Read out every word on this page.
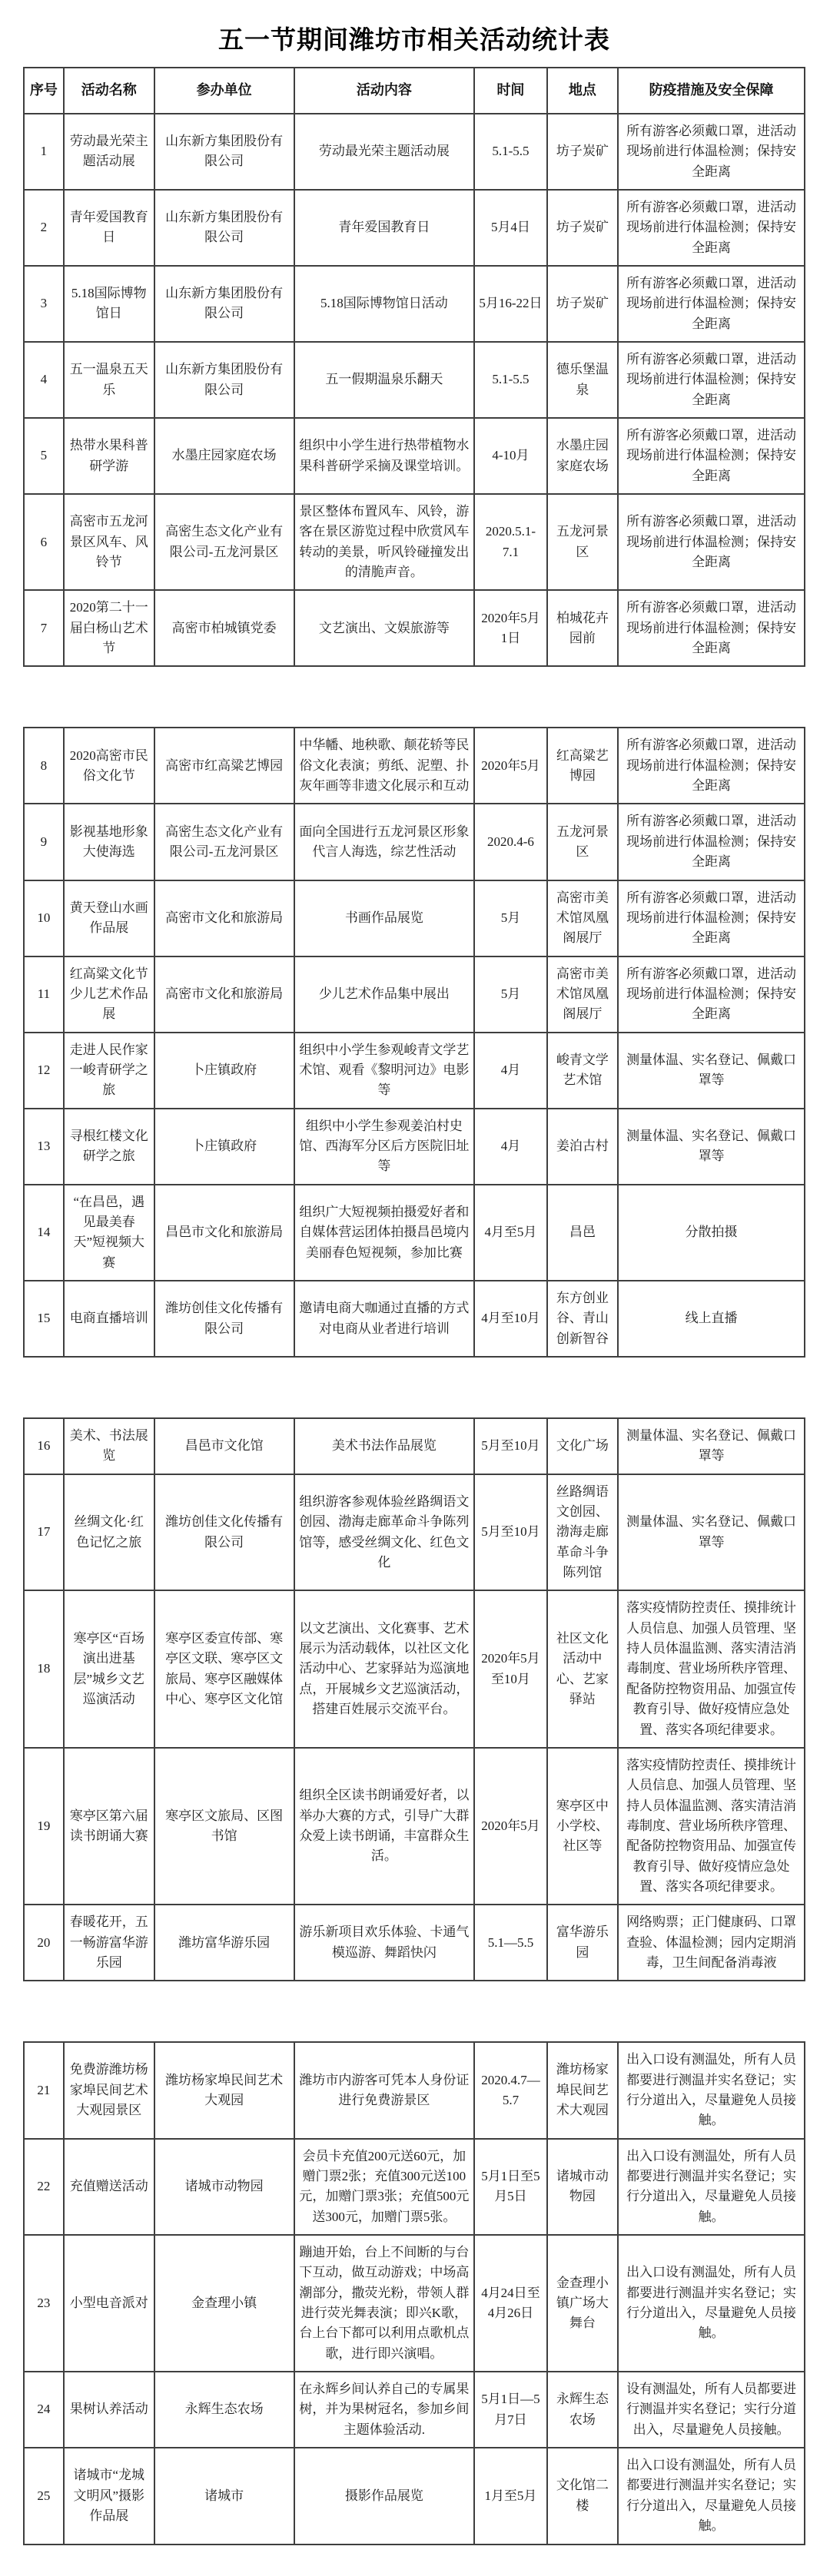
五一节期间潍坊市相关活动统计表
序号	活动名称	参办单位	活动内容	时间	地点	防疫措施及安全保障
1	劳动最光荣主题活动展	山东新方集团股份有限公司	劳动最光荣主题活动展	5.1-5.5	坊子炭矿	所有游客必须戴口罩，进活动现场前进行体温检测；保持安全距离
2	青年爱国教育日	山东新方集团股份有限公司	青年爱国教育日	5月4日	坊子炭矿	所有游客必须戴口罩，进活动现场前进行体温检测；保持安全距离
3	5.18国际博物馆日	山东新方集团股份有限公司	5.18国际博物馆日活动	5月16-22日	坊子炭矿	所有游客必须戴口罩，进活动现场前进行体温检测；保持安全距离
4	五一温泉五天乐	山东新方集团股份有限公司	五一假期温泉乐翻天	5.1-5.5	德乐堡温泉	所有游客必须戴口罩，进活动现场前进行体温检测；保持安全距离
5	热带水果科普研学游	水墨庄园家庭农场	组织中小学生进行热带植物水果科普研学采摘及课堂培训。	4-10月	水墨庄园家庭农场	所有游客必须戴口罩，进活动现场前进行体温检测；保持安全距离
6	高密市五龙河景区风车、风铃节	高密生态文化产业有限公司-五龙河景区	景区整体布置风车、风铃，游客在景区游览过程中欣赏风车转动的美景，听风铃碰撞发出的清脆声音。	2020.5.1-7.1	五龙河景区	所有游客必须戴口罩，进活动现场前进行体温检测；保持安全距离
7	2020第二十一届白杨山艺术节	高密市柏城镇党委	文艺演出、文娱旅游等	2020年5月1日	柏城花卉园前	所有游客必须戴口罩，进活动现场前进行体温检测；保持安全距离
8	2020高密市民俗文化节	高密市红高粱艺博园	中华幡、地秧歌、颠花轿等民俗文化表演；剪纸、泥塑、扑灰年画等非遗文化展示和互动	2020年5月	红高粱艺博园	所有游客必须戴口罩，进活动现场前进行体温检测；保持安全距离
9	影视基地形象大使海选	高密生态文化产业有限公司-五龙河景区	面向全国进行五龙河景区形象代言人海选，综艺性活动	2020.4-6	五龙河景区	所有游客必须戴口罩，进活动现场前进行体温检测；保持安全距离
10	黄天登山水画作品展	高密市文化和旅游局	书画作品展览	5月	高密市美术馆凤凰阁展厅	所有游客必须戴口罩，进活动现场前进行体温检测；保持安全距离
11	红高粱文化节少儿艺术作品展	高密市文化和旅游局	少儿艺术作品集中展出	5月	高密市美术馆凤凰阁展厅	所有游客必须戴口罩，进活动现场前进行体温检测；保持安全距离
12	走进人民作家一峻青研学之旅	卜庄镇政府	组织中小学生参观峻青文学艺术馆、观看《黎明河边》电影等	4月	峻青文学艺术馆	测量体温、实名登记、佩戴口罩等
13	寻根红楼文化研学之旅	卜庄镇政府	组织中小学生参观姜泊村史馆、西海军分区后方医院旧址等	4月	姜泊古村	测量体温、实名登记、佩戴口罩等
14	“在昌邑，遇见最美春天”短视频大赛	昌邑市文化和旅游局	组织广大短视频拍摄爱好者和自媒体营运团体拍摄昌邑境内美丽春色短视频，参加比赛	4月至5月	昌邑	分散拍摄
15	电商直播培训	潍坊创佳文化传播有限公司	邀请电商大咖通过直播的方式对电商从业者进行培训	4月至10月	东方创业谷、青山创新智谷	线上直播
16	美术、书法展览	昌邑市文化馆	美术书法作品展览	5月至10月	文化广场	测量体温、实名登记、佩戴口罩等
17	丝绸文化·红色记忆之旅	潍坊创佳文化传播有限公司	组织游客参观体验丝路绸语文创园、渤海走廊革命斗争陈列馆等，感受丝绸文化、红色文化	5月至10月	丝路绸语文创园、渤海走廊革命斗争陈列馆	测量体温、实名登记、佩戴口罩等
18	寒亭区“百场演出进基层”城乡文艺巡演活动	寒亭区委宣传部、寒亭区文联、寒亭区文旅局、寒亭区融媒体中心、寒亭区文化馆	以文艺演出、文化赛事、艺术展示为活动载体，以社区文化活动中心、艺家驿站为巡演地点，开展城乡文艺巡演活动，搭建百姓展示交流平台。	2020年5月至10月	社区文化活动中心、艺家驿站	落实疫情防控责任、摸排统计人员信息、加强人员管理、坚持人员体温监测、落实清洁消毒制度、营业场所秩序管理、配备防控物资用品、加强宣传教育引导、做好疫情应急处置、落实各项纪律要求。
19	寒亭区第六届读书朗诵大赛	寒亭区文旅局、区图书馆	组织全区读书朗诵爱好者，以举办大赛的方式，引导广大群众爱上读书朗诵，丰富群众生活。	2020年5月	寒亭区中小学校、社区等	落实疫情防控责任、摸排统计人员信息、加强人员管理、坚持人员体温监测、落实清洁消毒制度、营业场所秩序管理、配备防控物资用品、加强宣传教育引导、做好疫情应急处置、落实各项纪律要求。
20	春暖花开，五一畅游富华游乐园	潍坊富华游乐园	游乐新项目欢乐体验、卡通气模巡游、舞蹈快闪	5.1—5.5	富华游乐园	网络购票；正门健康码、口罩查验、体温检测；园内定期消毒，卫生间配备消毒液
21	免费游潍坊杨家埠民间艺术大观园景区	潍坊杨家埠民间艺术大观园	潍坊市内游客可凭本人身份证进行免费游景区	2020.4.7—5.7	潍坊杨家埠民间艺术大观园	出入口设有测温处，所有人员都要进行测温并实名登记；实行分道出入，尽量避免人员接触。
22	充值赠送活动	诸城市动物园	会员卡充值200元送60元，加赠门票2张；充值300元送100元，加赠门票3张；充值500元送300元，加赠门票5张。	5月1日至5月5日	诸城市动物园	出入口设有测温处，所有人员都要进行测温并实名登记；实行分道出入，尽量避免人员接触。
23	小型电音派对	金查理小镇	蹦迪开始，台上不间断的与台下互动，做互动游戏；中场高潮部分，撒荧光粉，带领人群进行荧光舞表演；即兴K歌，台上台下都可以利用点歌机点歌，进行即兴演唱。	4月24日至4月26日	金查理小镇广场大舞台	出入口设有测温处，所有人员都要进行测温并实名登记；实行分道出入，尽量避免人员接触。
24	果树认养活动	永辉生态农场	在永辉乡间认养自己的专属果树，并为果树冠名，参加乡间主题体验活动.	5月1日—5月7日	永辉生态农场	设有测温处，所有人员都要进行测温并实名登记；实行分道出入，尽量避免人员接触。
25	诸城市“龙城文明风”摄影作品展	诸城市	摄影作品展览	1月至5月	文化馆二楼	出入口设有测温处，所有人员都要进行测温并实名登记；实行分道出入，尽量避免人员接触。
